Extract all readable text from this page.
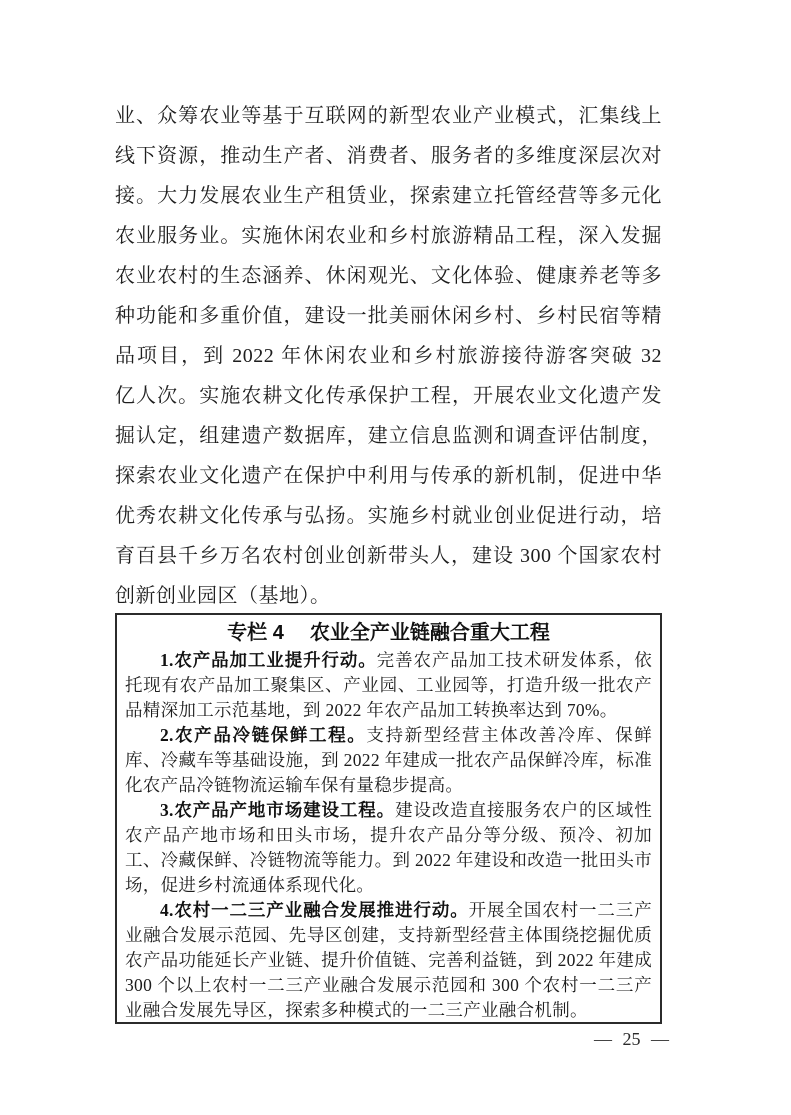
业、众筹农业等基于互联网的新型农业产业模式，汇集线上
线下资源，推动生产者、消费者、服务者的多维度深层次对
接。大力发展农业生产租赁业，探索建立托管经营等多元化
农业服务业。实施休闲农业和乡村旅游精品工程，深入发掘
农业农村的生态涵养、休闲观光、文化体验、健康养老等多
种功能和多重价值，建设一批美丽休闲乡村、乡村民宿等精
品项目，到 2022 年休闲农业和乡村旅游接待游客突破 32
亿人次。实施农耕文化传承保护工程，开展农业文化遗产发
掘认定，组建遗产数据库，建立信息监测和调查评估制度，
探索农业文化遗产在保护中利用与传承的新机制，促进中华
优秀农耕文化传承与弘扬。实施乡村就业创业促进行动，培
育百县千乡万名农村创业创新带头人，建设 300 个国家农村
创新创业园区（基地）。
专栏 4 农业全产业链融合重大工程

1.农产品加工业提升行动。完善农产品加工技术研发体系，依托现有农产品加工聚集区、产业园、工业园等，打造升级一批农产品精深加工示范基地，到 2022 年农产品加工转换率达到 70%。

2.农产品冷链保鲜工程。支持新型经营主体改善冷库、保鲜库、冷藏车等基础设施，到 2022 年建成一批农产品保鲜冷库，标准化农产品冷链物流运输车保有量稳步提高。

3.农产品产地市场建设工程。建设改造直接服务农户的区域性农产品产地市场和田头市场，提升农产品分等分级、预冷、初加工、冷藏保鲜、冷链物流等能力。到 2022 年建设和改造一批田头市场，促进乡村流通体系现代化。

4.农村一二三产业融合发展推进行动。开展全国农村一二三产业融合发展示范园、先导区创建，支持新型经营主体围绕挖掘优质农产品功能延长产业链、提升价值链、完善利益链，到 2022 年建成 300 个以上农村一二三产业融合发展示范园和 300 个农村一二三产业融合发展先导区，探索多种模式的一二三产业融合机制。

— 25 —
